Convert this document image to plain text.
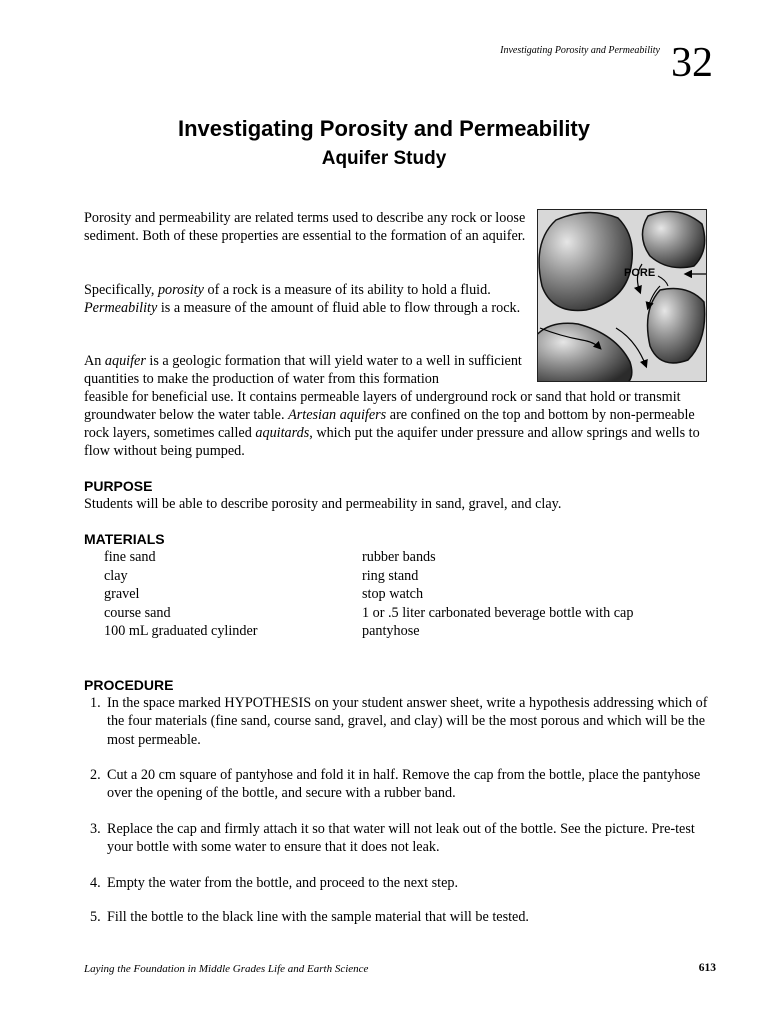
Investigating Porosity and Permeability 32
Investigating Porosity and Permeability
Aquifer Study

Porosity and permeability are related terms used to describe any rock or loose sediment. Both of these properties are essential to the formation of an aquifer.

Specifically, porosity of a rock is a measure of its ability to hold a fluid.
Permeability is a measure of the amount of fluid able to flow through a rock.

An aquifer is a geologic formation that will yield water to a well in sufficient quantities to make the production of water from this formation

feasible for beneficial use. It contains permeable layers of underground rock or sand that hold or transmit groundwater below the water table. Artesian aquifers are confined on the top and bottom by non-permeable rock layers, sometimes called aquitards, which put the aquifer under pressure and allow springs and wells to flow without being pumped.

PORE
PURPOSE

Students will be able to describe porosity and permeability in sand, gravel, and clay.

MATERIALS
fine sand
clay
gravel
course sand
100 mL graduated cylinder
rubber bands
ring stand
stop watch
1 or .5 liter carbonated beverage bottle with cap
pantyhose
PROCEDURE
1. In the space marked HYPOTHESIS on your student answer sheet, write a hypothesis addressing which of the four materials (fine sand, course sand, gravel, and clay) will be the most porous and which will be the most permeable.

2. Cut a 20 cm square of pantyhose and fold it in half. Remove the cap from the bottle, place the pantyhose over the opening of the bottle, and secure with a rubber band.

3. Replace the cap and firmly attach it so that water will not leak out of the bottle. See the picture. Pre-test your bottle with some water to ensure that it does not leak.

4. Empty the water from the bottle, and proceed to the next step.

5. Fill the bottle to the black line with the sample material that will be tested.

Laying the Foundation in Middle Grades Life and Earth Science	613
